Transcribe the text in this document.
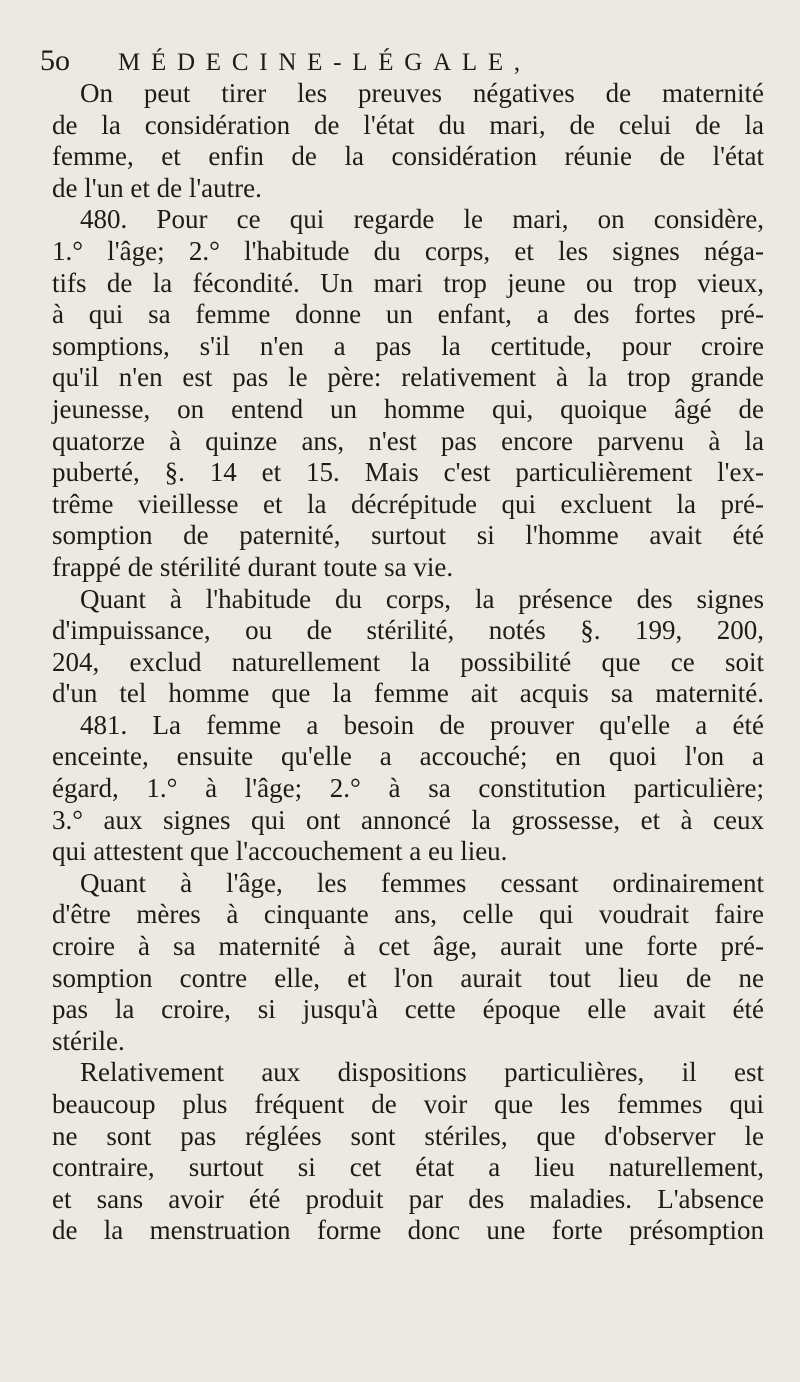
5o	MÉDECINE-LÉGALE,
On peut tirer les preuves négatives de maternité
de la considération de l'état du mari, de celui de la
femme, et enfin de la considération réunie de l'état
de l'un et de l'autre.
480. Pour ce qui regarde le mari, on considère,
1.° l'âge; 2.° l'habitude du corps, et les signes néga-
tifs de la fécondité. Un mari trop jeune ou trop vieux,
à qui sa femme donne un enfant, a des fortes pré-
somptions, s'il n'en a pas la certitude, pour croire
qu'il n'en est pas le père: relativement à la trop grande
jeunesse, on entend un homme qui, quoique âgé de
quatorze à quinze ans, n'est pas encore parvenu à la
puberté, §. 14 et 15. Mais c'est particulièrement l'ex-
trême vieillesse et la décrépitude qui excluent la pré-
somption de paternité, surtout si l'homme avait été
frappé de stérilité durant toute sa vie.
Quant à l'habitude du corps, la présence des signes
d'impuissance, ou de stérilité, notés §. 199, 200,
204, exclud naturellement la possibilité que ce soit
d'un tel homme que la femme ait acquis sa maternité.
481. La femme a besoin de prouver qu'elle a été
enceinte, ensuite qu'elle a accouché; en quoi l'on a
égard, 1.° à l'âge; 2.° à sa constitution particulière;
3.° aux signes qui ont annoncé la grossesse, et à ceux
qui attestent que l'accouchement a eu lieu.
Quant à l'âge, les femmes cessant ordinairement
d'être mères à cinquante ans, celle qui voudrait faire
croire à sa maternité à cet âge, aurait une forte pré-
somption contre elle, et l'on aurait tout lieu de ne
pas la croire, si jusqu'à cette époque elle avait été
stérile.
Relativement aux dispositions particulières, il est
beaucoup plus fréquent de voir que les femmes qui
ne sont pas réglées sont stériles, que d'observer le
contraire, surtout si cet état a lieu naturellement,
et sans avoir été produit par des maladies. L'absence
de la menstruation forme donc une forte présomption
